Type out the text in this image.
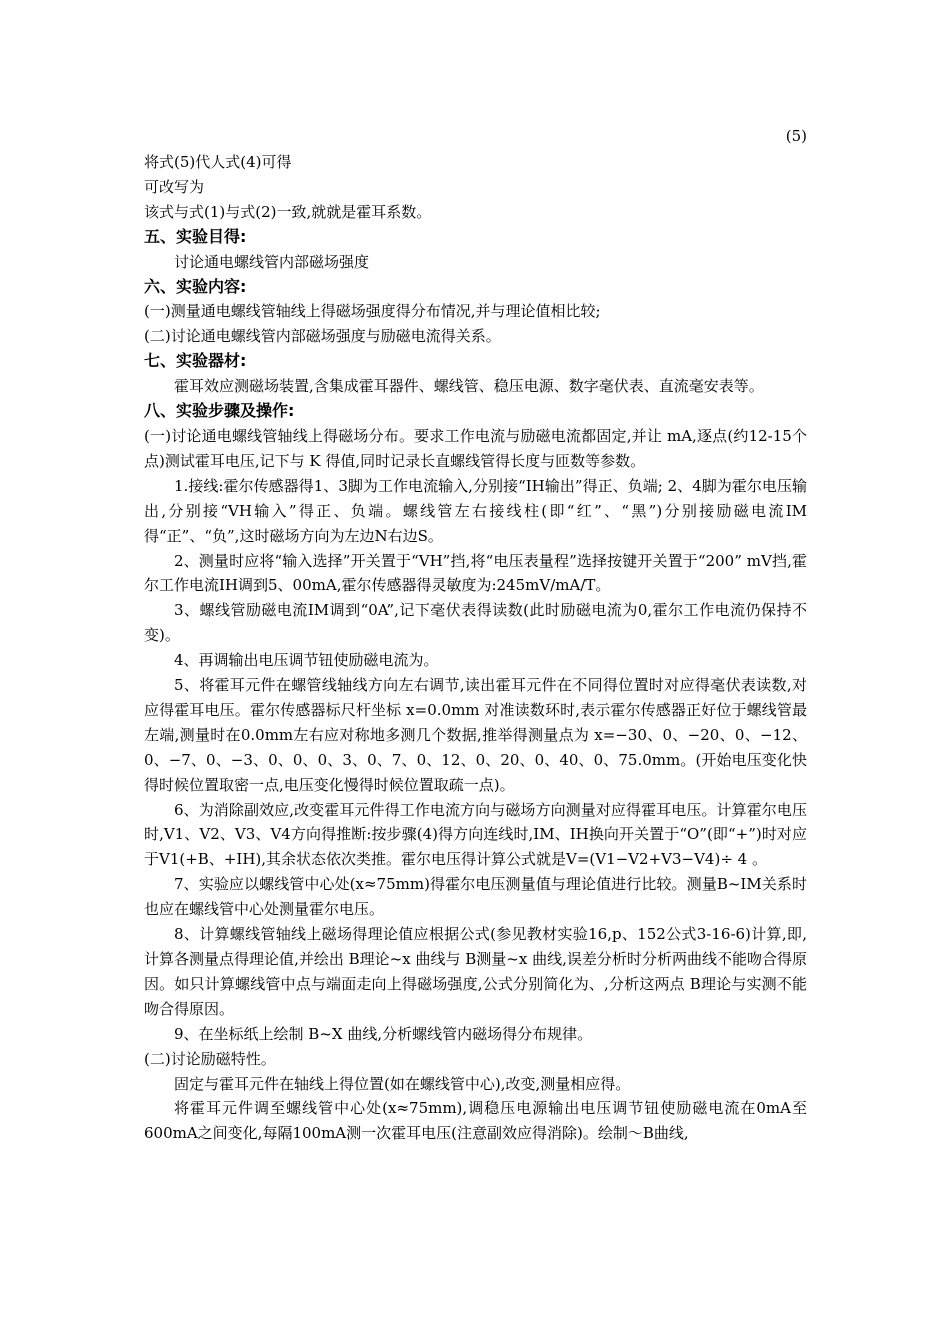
(5)

将式(5)代人式(4)可得

可改写为

该式与式(1)与式(2)一致,就就是霍耳系数。

五、实验目得:

讨论通电螺线管内部磁场强度

六、实验内容:

(一)测量通电螺线管轴线上得磁场强度得分布情况,并与理论值相比较;

(二)讨论通电螺线管内部磁场强度与励磁电流得关系。

七、实验器材:

霍耳效应测磁场装置,含集成霍耳器件、螺线管、稳压电源、数字毫伏表、直流毫安表等。

八、实验步骤及操作:

(一)讨论通电螺线管轴线上得磁场分布。要求工作电流与励磁电流都固定,并让 mA,逐点(约12-15个点)测试霍耳电压,记下与 K 得值,同时记录长直螺线管得长度与匝数等参数。

1.接线:霍尔传感器得1、3脚为工作电流输入,分别接“IH输出”得正、负端; 2、4脚为霍尔电压输出,分别接“VH输入”得正、负端。螺线管左右接线柱(即“红”、“黑”)分别接励磁电流IM得“正”、“负”,这时磁场方向为左边N右边S。

2、测量时应将“输入选择”开关置于“VH”挡,将“电压表量程”选择按键开关置于“200” mV挡,霍尔工作电流IH调到5、00mA,霍尔传感器得灵敏度为:245mV/mA/T。

3、螺线管励磁电流IM调到“0A”,记下毫伏表得读数(此时励磁电流为0,霍尔工作电流仍保持不变)。

4、再调输出电压调节钮使励磁电流为。

5、将霍耳元件在螺管线轴线方向左右调节,读出霍耳元件在不同得位置时对应得毫伏表读数,对应得霍耳电压。霍尔传感器标尺杆坐标 x=0.0mm 对准读数环时,表示霍尔传感器正好位于螺线管最左端,测量时在0.0mm左右应对称地多测几个数据,推举得测量点为 x=−30、0、−20、0、−12、0、−7、0、−3、0、0、0、3、0、7、0、12、0、20、0、40、0、75.0mm。(开始电压变化快得时候位置取密一点,电压变化慢得时候位置取疏一点)。

6、为消除副效应,改变霍耳元件得工作电流方向与磁场方向测量对应得霍耳电压。计算霍尔电压时,V1、V2、V3、V4方向得推断:按步骤(4)得方向连线时,IM、IH换向开关置于“O”(即“+”)时对应于V1(+B、+IH),其余状态依次类推。霍尔电压得计算公式就是V=(V1−V2+V3−V4)÷ 4 。

7、实验应以螺线管中心处(x≈75mm)得霍尔电压测量值与理论值进行比较。测量B~IM关系时也应在螺线管中心处测量霍尔电压。

8、计算螺线管轴线上磁场得理论值应根据公式(参见教材实验16,p、152公式3-16-6)计算,即,计算各测量点得理论值,并绘出 B理论~x 曲线与 B测量~x 曲线,误差分析时分析两曲线不能吻合得原因。如只计算螺线管中点与端面走向上得磁场强度,公式分别简化为、,分析这两点 B理论与实测不能吻合得原因。

9、在坐标纸上绘制 B~X 曲线,分析螺线管内磁场得分布规律。

(二)讨论励磁特性。

固定与霍耳元件在轴线上得位置(如在螺线管中心),改变,测量相应得。

将霍耳元件调至螺线管中心处(x≈75mm),调稳压电源输出电压调节钮使励磁电流在0mA至600mA之间变化,每隔100mA测一次霍耳电压(注意副效应得消除)。绘制～B曲线,
